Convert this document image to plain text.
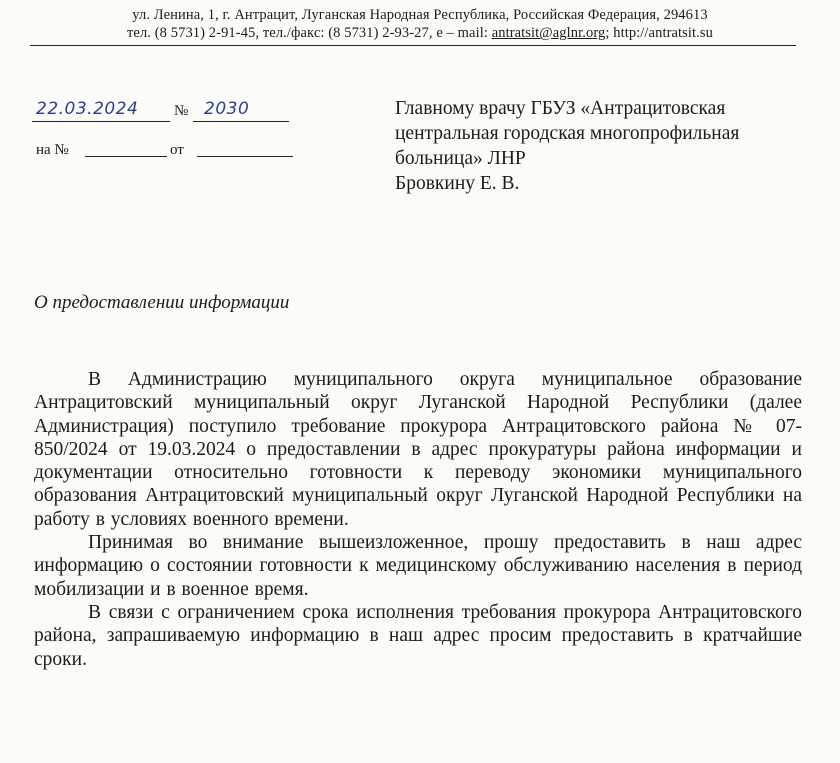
ул. Ленина, 1, г. Антрацит, Луганская Народная Республика, Российская Федерация, 294613
тел. (8 5731) 2-91-45, тел./факс: (8 5731) 2-93-27, е – mail: antratsit@aglnr.org; http://antratsit.su
22.03.2024 № 2030
на №	от
Главному врачу ГБУЗ «Антрацитовская
центральная городская многопрофильная
больница» ЛНР
Бровкину Е. В.
О предоставлении информации

В Администрацию муниципального округа муниципальное образование Антрацитовский муниципальный округ Луганской Народной Республики (далее Администрация) поступило требование прокурора Антрацитовского района № 07-850/2024 от 19.03.2024 о предоставлении в адрес прокуратуры района информации и документации относительно готовности к переводу экономики муниципального образования Антрацитовский муниципальный округ Луганской Народной Республики на работу в условиях военного времени.

Принимая во внимание вышеизложенное, прошу предоставить в наш адрес информацию о состоянии готовности к медицинскому обслуживанию населения в период мобилизации и в военное время.

В связи с ограничением срока исполнения требования прокурора Антрацитовского района, запрашиваемую информацию в наш адрес просим предоставить в кратчайшие сроки.
